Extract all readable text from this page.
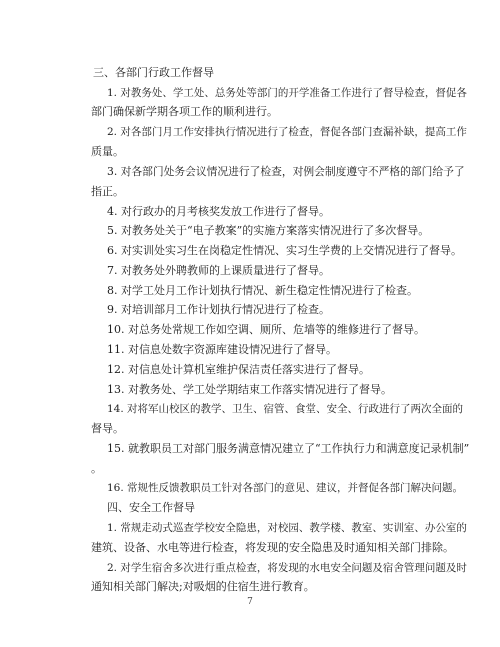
三、各部门行政工作督导
1. 对教务处、学工处、总务处等部门的开学准备工作进行了督导检查，督促各
部门确保新学期各项工作的顺利进行。
2. 对各部门月工作安排执行情况进行了检查，督促各部门查漏补缺，提高工作
质量。
3. 对各部门处务会议情况进行了检查，对例会制度遵守不严格的部门给予了
指正。
4. 对行政办的月考核奖发放工作进行了督导。
5. 对教务处关于“电子教案”的实施方案落实情况进行了多次督导。
6. 对实训处实习生在岗稳定性情况、实习生学费的上交情况进行了督导。
7. 对教务处外聘教师的上课质量进行了督导。
8. 对学工处月工作计划执行情况、新生稳定性情况进行了检查。
9. 对培训部月工作计划执行情况进行了检查。
10. 对总务处常规工作如空调、厕所、危墙等的维修进行了督导。
11. 对信息处数字资源库建设情况进行了督导。
12. 对信息处计算机室维护保洁责任落实进行了督导。
13. 对教务处、学工处学期结束工作落实情况进行了督导。
14. 对将军山校区的教学、卫生、宿管、食堂、安全、行政进行了两次全面的
督导。
15. 就教职员工对部门服务满意情况建立了“工作执行力和满意度记录机制”
。
16. 常规性反馈教职员工针对各部门的意见、建议，并督促各部门解决问题。
四、安全工作督导
1. 常规走动式巡查学校安全隐患，对校园、教学楼、教室、实训室、办公室的
建筑、设备、水电等进行检查，将发现的安全隐患及时通知相关部门排除。
2. 对学生宿舍多次进行重点检查，将发现的水电安全问题及宿舍管理问题及时
通知相关部门解决;对吸烟的住宿生进行教育。
7
